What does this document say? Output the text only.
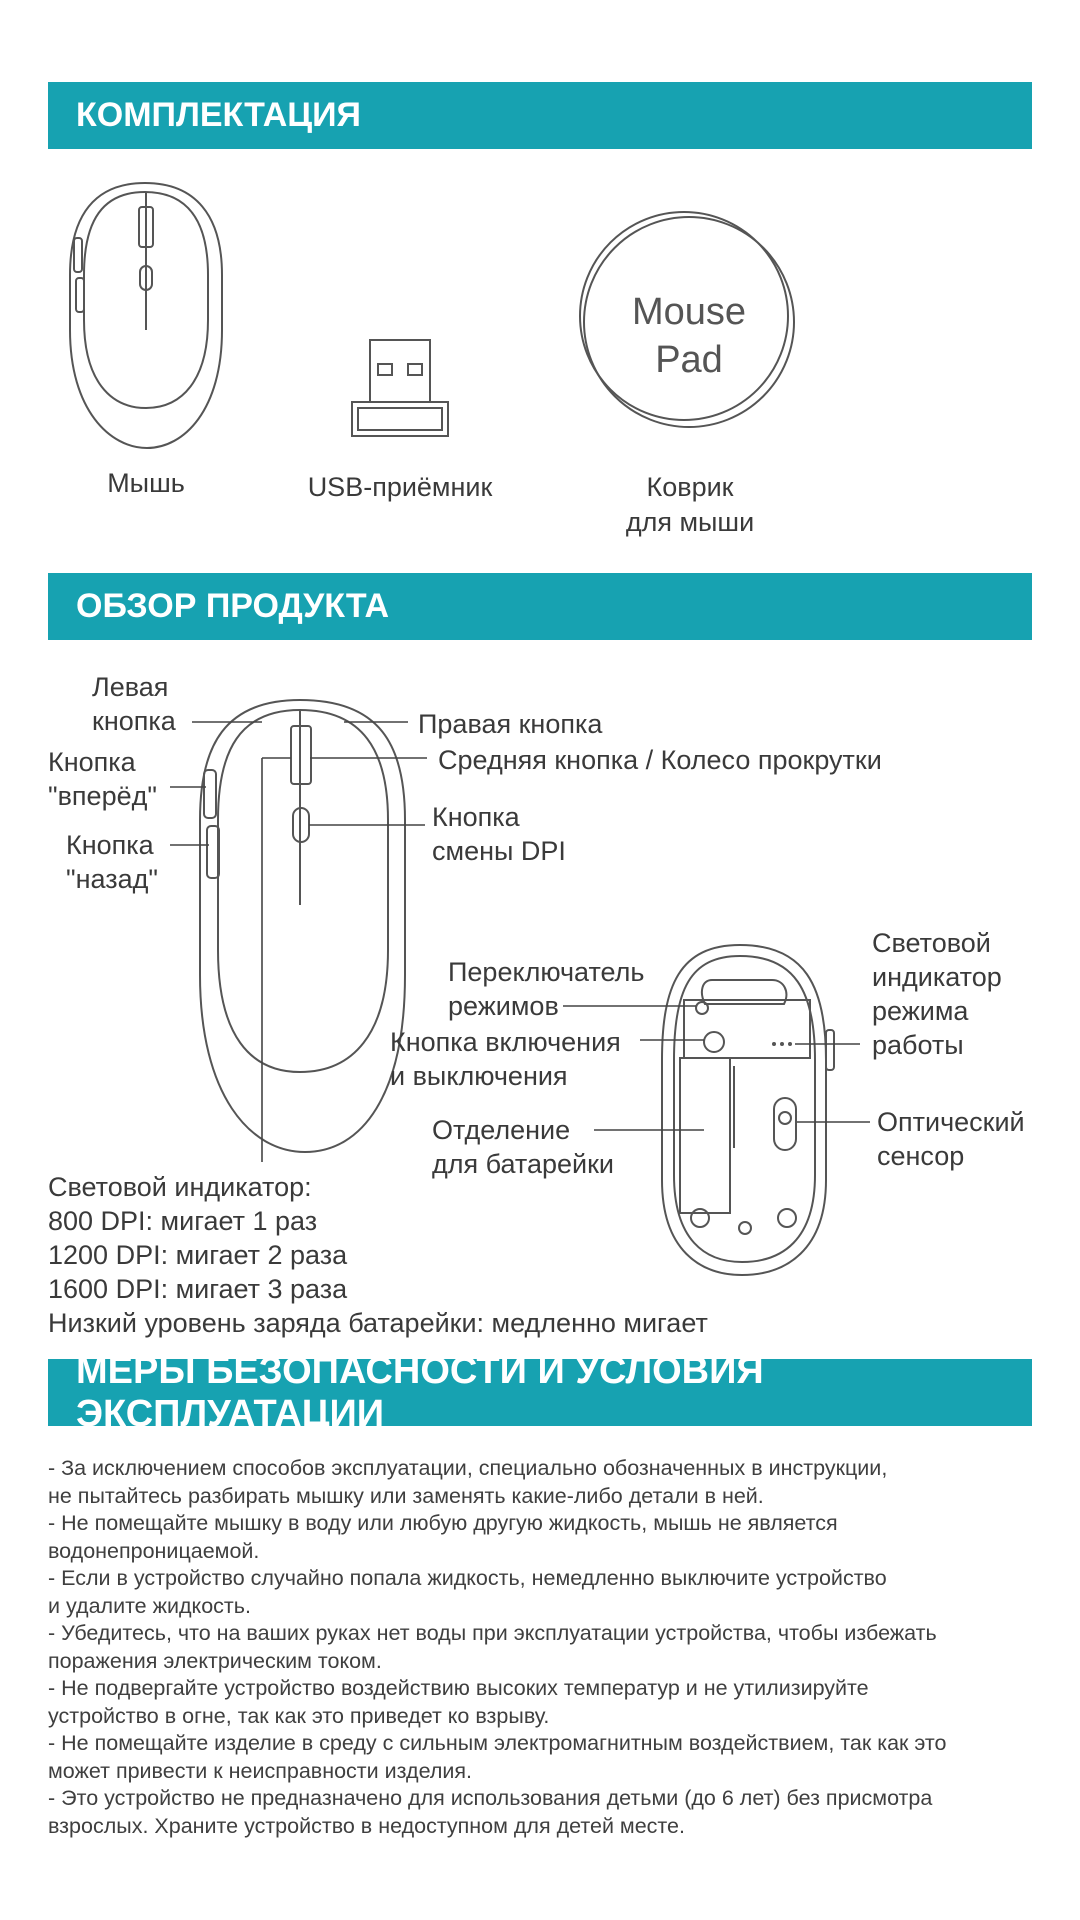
КОМПЛЕКТАЦИЯ
ОБЗОР ПРОДУКТА
МЕРЫ БЕЗОПАСНОСТИ И УСЛОВИЯ ЭКСПЛУАТАЦИИ
Mouse
Pad
Мышь	USB-приёмник	Коврик
для мыши
Левая
кнопка	Правая кнопка
Кнопка
"вперёд"
Средняя кнопка / Колесо прокрутки
Кнопка
"назад"
Кнопка
смены DPI
Переключатель
режимов
Кнопка включения
и выключения
Отделение
для батарейки
Световой
индикатор
режима
работы
Оптический
сенсор
Световой индикатор:
800 DPI: мигает 1 раз
1200 DPI: мигает 2 раза
1600 DPI: мигает 3 раза
Низкий уровень заряда батарейки: медленно мигает
- За исключением способов эксплуатации, специально обозначенных в инструкции,
не пытайтесь разбирать мышку или заменять какие-либо детали в ней.
- Не помещайте мышку в воду или любую другую жидкость, мышь не является
водонепроницаемой.
- Если в устройство случайно попала жидкость, немедленно выключите устройство
и удалите жидкость.
- Убедитесь, что на ваших руках нет воды при эксплуатации устройства, чтобы избежать
поражения электрическим током.
- Не подвергайте устройство воздействию высоких температур и не утилизируйте
устройство в огне, так как это приведет ко взрыву.
- Не помещайте изделие в среду с сильным электромагнитным воздействием, так как это
может привести к неисправности изделия.
- Это устройство не предназначено для использования детьми (до 6 лет) без присмотра
взрослых. Храните устройство в недоступном для детей месте.
